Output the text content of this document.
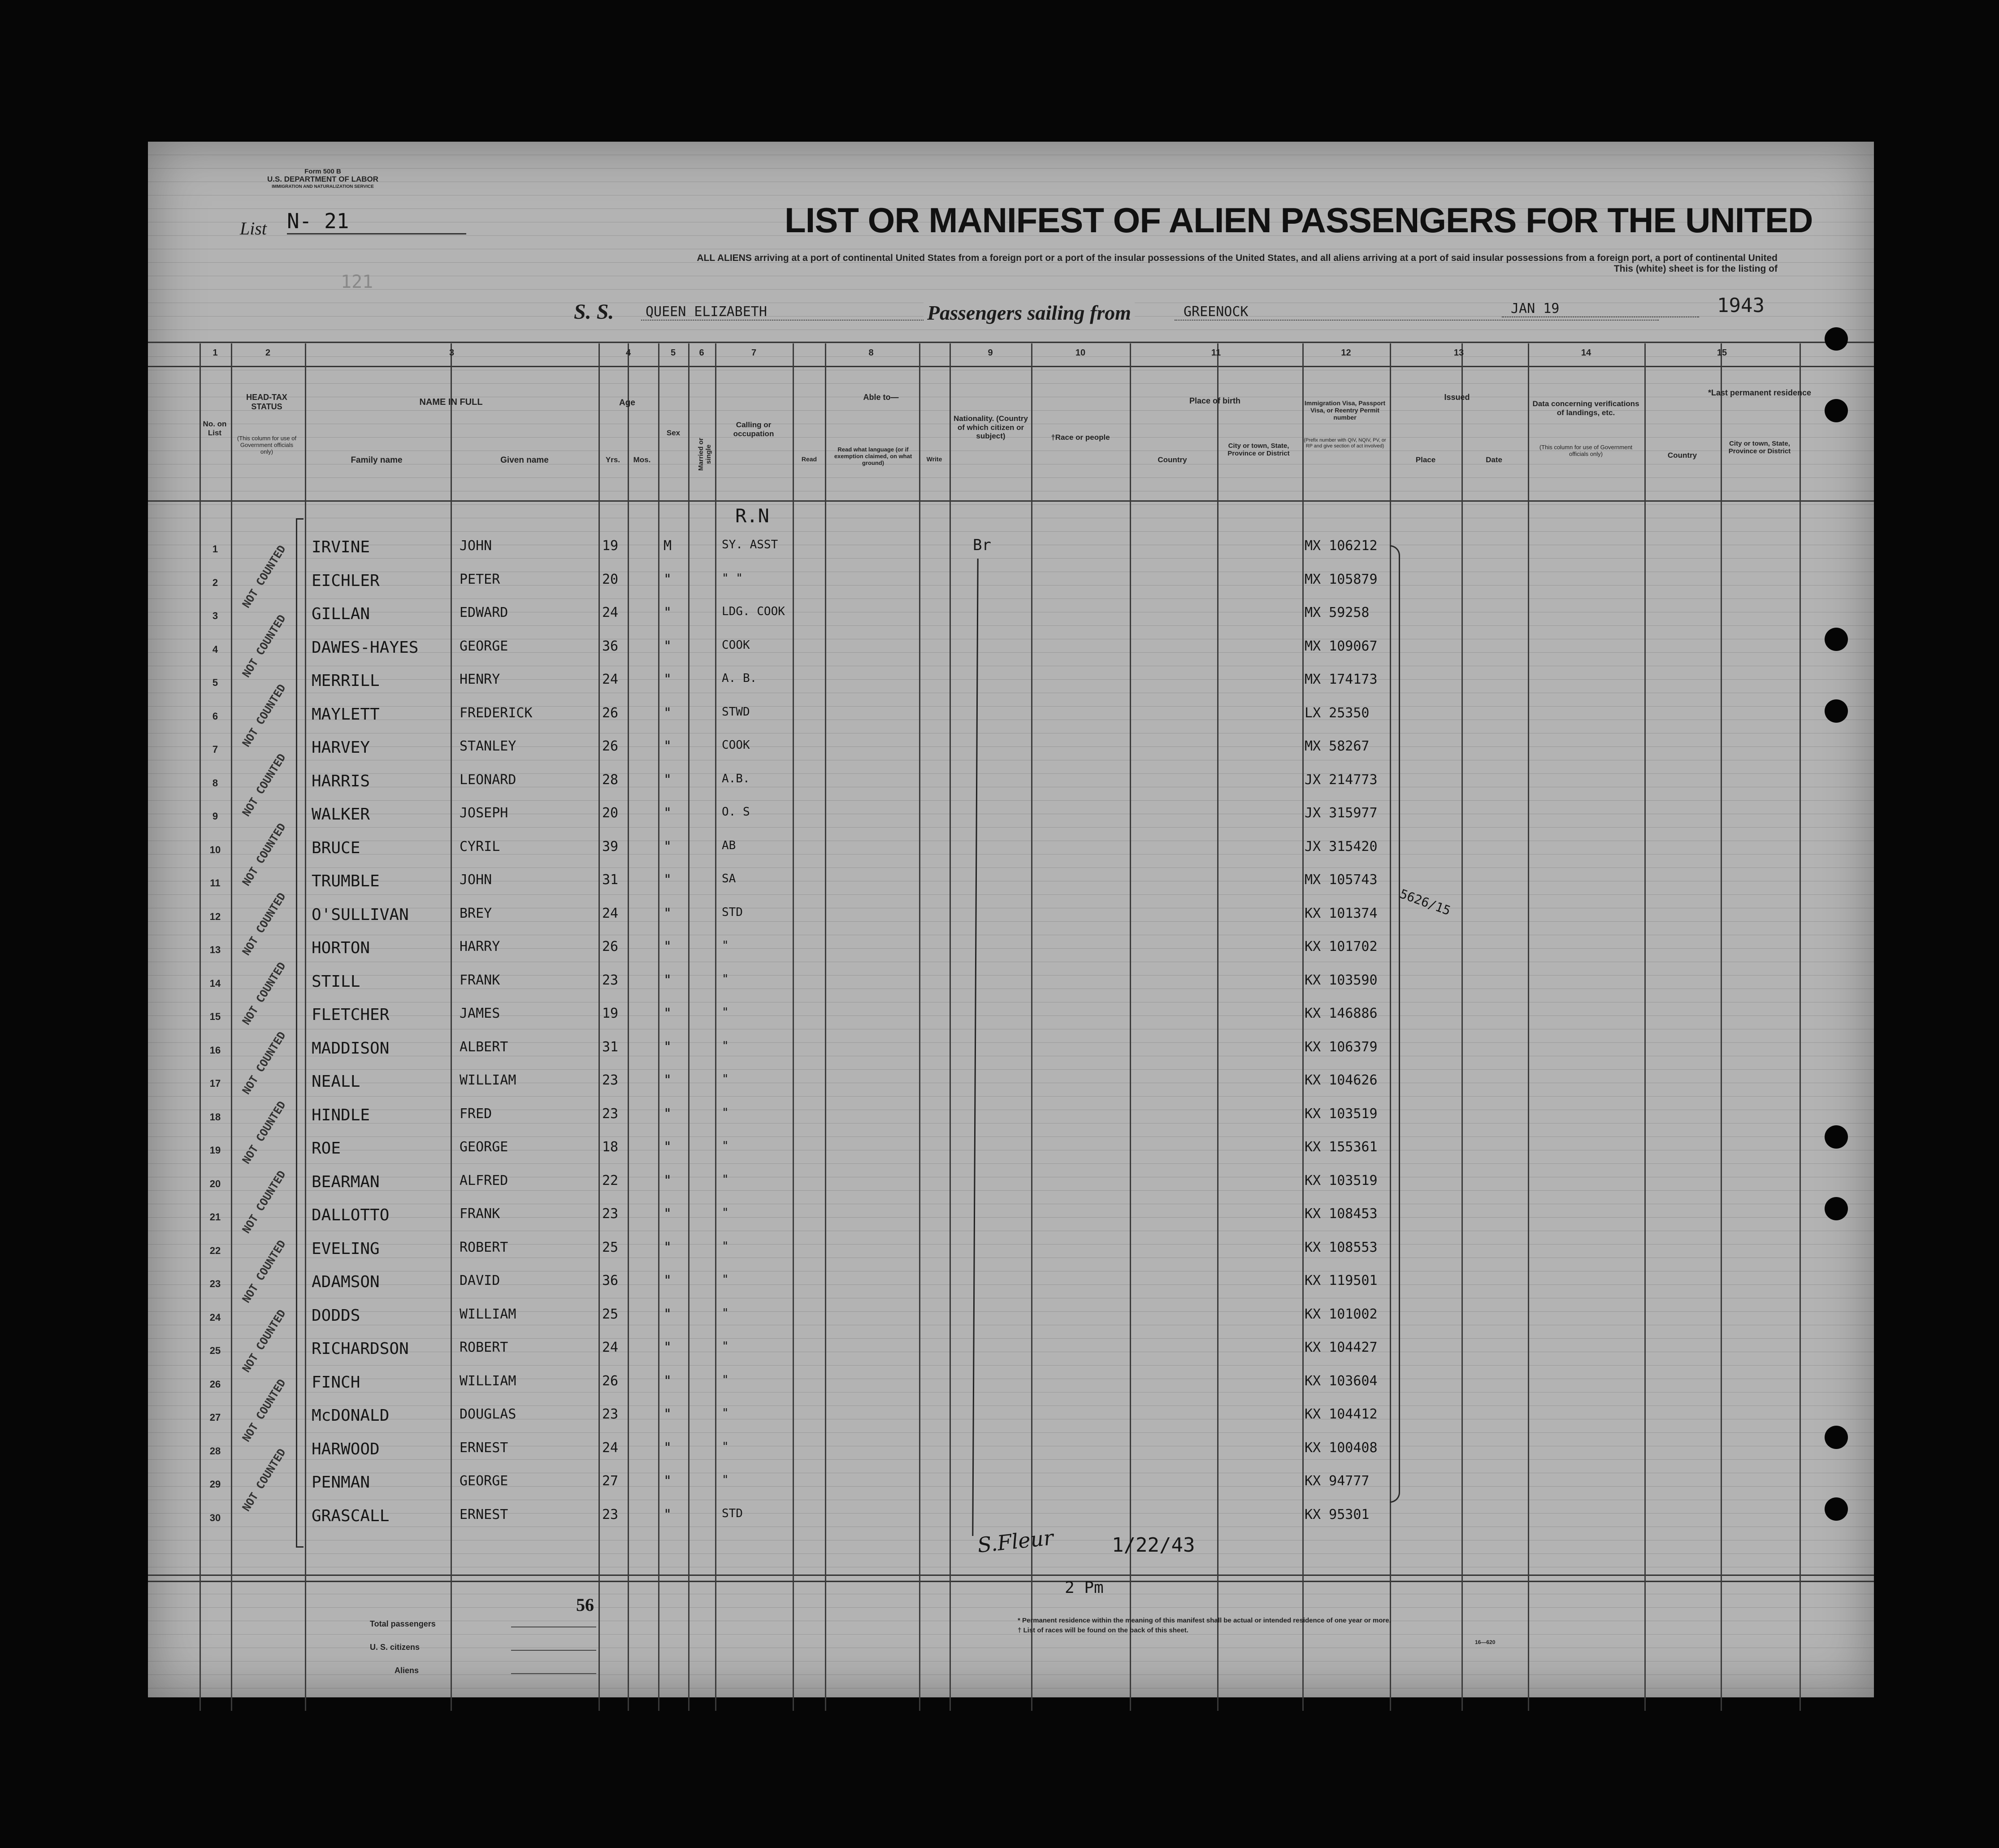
Form 500 B
U.S. DEPARTMENT OF LABOR
IMMIGRATION AND NATURALIZATION SERVICE
List N- 21
121
LIST OR MANIFEST OF ALIEN PASSENGERS FOR THE UNITED
ALL ALIENS arriving at a port of continental United States from a foreign port or a port of the insular possessions of the United States, and all aliens arriving at a port of said insular possessions from a foreign port, a port of continental United
This (white) sheet is for the listing of
S. S.	QUEEN ELIZABETH	Passengers sailing from	GREENOCK	JAN 19	1943
1	2	3	4	5	6	7	8	9	10	11	12	13	14	15
No. on List
HEAD-TAX STATUS
(This column for use of Government officials only)
NAME IN FULL
Family name	Given name
Age
Yrs.	Mos.
Sex
Married or single
Calling or occupation
Able to—
Read
Read what language (or if exemption claimed, on what ground)
Write
Nationality. (Country of which citizen or subject)	†Race or people
Place of birth
Country
City or town, State, Province or District
Immigration Visa, Passport Visa, or Reentry Permit number
(Prefix number with QIV, NQIV, PV, or RP and give section of act involved)
Issued
Place	Date
Data concerning verifications of landings, etc.
(This column for use of Government officials only)
*Last permanent residence
Country
City or town, State, Province or District
R.N
Br
5626/15
1	IRVINE	JOHN	19	M	SY. ASST	MX 106212
2	EICHLER	PETER	20	"	" "	MX 105879
3	GILLAN	EDWARD	24	"	LDG. COOK	MX 59258
4	DAWES-HAYES	GEORGE	36	"	COOK	MX 109067
5	MERRILL	HENRY	24	"	A. B.	MX 174173
6	MAYLETT	FREDERICK	26	"	STWD	LX 25350
7	HARVEY	STANLEY	26	"	COOK	MX 58267
8	HARRIS	LEONARD	28	"	A.B.	JX 214773
9	WALKER	JOSEPH	20	"	O. S	JX 315977
10	BRUCE	CYRIL	39	"	AB	JX 315420
11	TRUMBLE	JOHN	31	"	SA	MX 105743
12	O'SULLIVAN	BREY	24	"	STD	KX 101374
13	HORTON	HARRY	26	"	"	KX 101702
14	STILL	FRANK	23	"	"	KX 103590
15	FLETCHER	JAMES	19	"	"	KX 146886
16	MADDISON	ALBERT	31	"	"	KX 106379
17	NEALL	WILLIAM	23	"	"	KX 104626
18	HINDLE	FRED	23	"	"	KX 103519
19	ROE	GEORGE	18	"	"	KX 155361
20	BEARMAN	ALFRED	22	"	"	KX 103519
21	DALLOTTO	FRANK	23	"	"	KX 108453
22	EVELING	ROBERT	25	"	"	KX 108553
23	ADAMSON	DAVID	36	"	"	KX 119501
24	DODDS	WILLIAM	25	"	"	KX 101002
25	RICHARDSON	ROBERT	24	"	"	KX 104427
26	FINCH	WILLIAM	26	"	"	KX 103604
27	McDONALD	DOUGLAS	23	"	"	KX 104412
28	HARWOOD	ERNEST	24	"	"	KX 100408
29	PENMAN	GEORGE	27	"	"	KX 94777
30	GRASCALL	ERNEST	23	"	STD	KX 95301
NOT COUNTED
NOT COUNTED
NOT COUNTED
NOT COUNTED
NOT COUNTED
NOT COUNTED
NOT COUNTED
NOT COUNTED
NOT COUNTED
NOT COUNTED
NOT COUNTED
NOT COUNTED
NOT COUNTED
NOT COUNTED
S.Fleur	1/22/43
2 Pm
56
Total passengers
U. S. citizens
Aliens
* Permanent residence within the meaning of this manifest shall be actual or intended residence of one year or more.
† List of races will be found on the back of this sheet.
16—620
